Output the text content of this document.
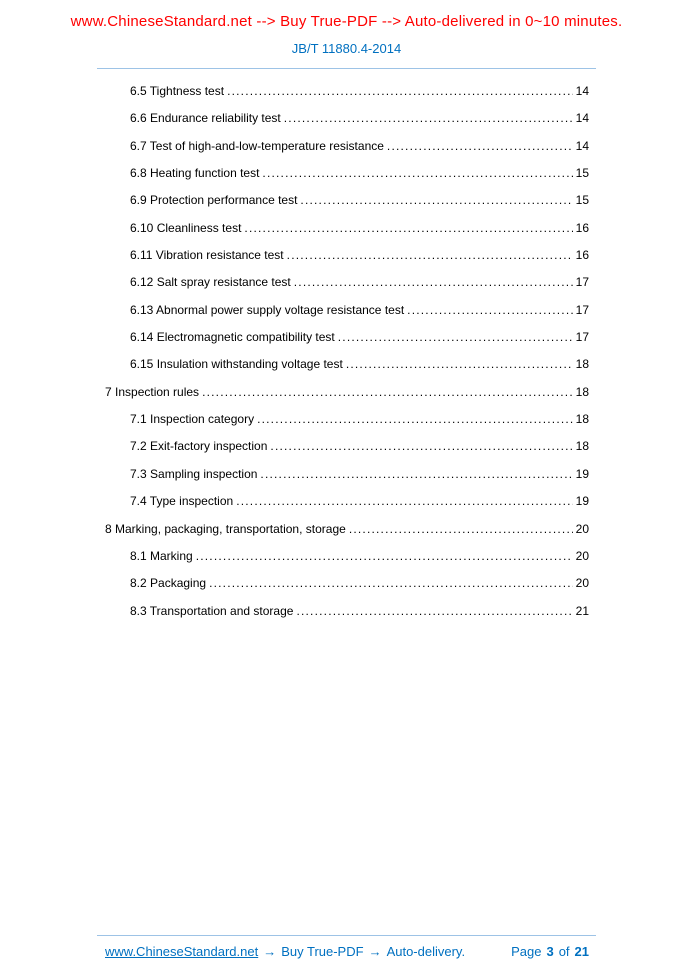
www.ChineseStandard.net --> Buy True-PDF --> Auto-delivered in 0~10 minutes.
JB/T 11880.4-2014
6.5 Tightness test .....	14
6.6 Endurance reliability test .....	14
6.7 Test of high-and-low-temperature resistance .....	14
6.8 Heating function test .....	15
6.9 Protection performance test .....	15
6.10 Cleanliness test .....	16
6.11 Vibration resistance test .....	16
6.12 Salt spray resistance test .....	17
6.13 Abnormal power supply voltage resistance test .....	17
6.14 Electromagnetic compatibility test .....	17
6.15 Insulation withstanding voltage test .....	18
7 Inspection rules .....	18
7.1 Inspection category .....	18
7.2 Exit-factory inspection .....	18
7.3 Sampling inspection .....	19
7.4 Type inspection .....	19
8 Marking, packaging, transportation, storage .....	20
8.1 Marking .....	20
8.2 Packaging .....	20
8.3 Transportation and storage .....	21
www.ChineseStandard.net → Buy True-PDF → Auto-delivery.	Page 3 of 21
